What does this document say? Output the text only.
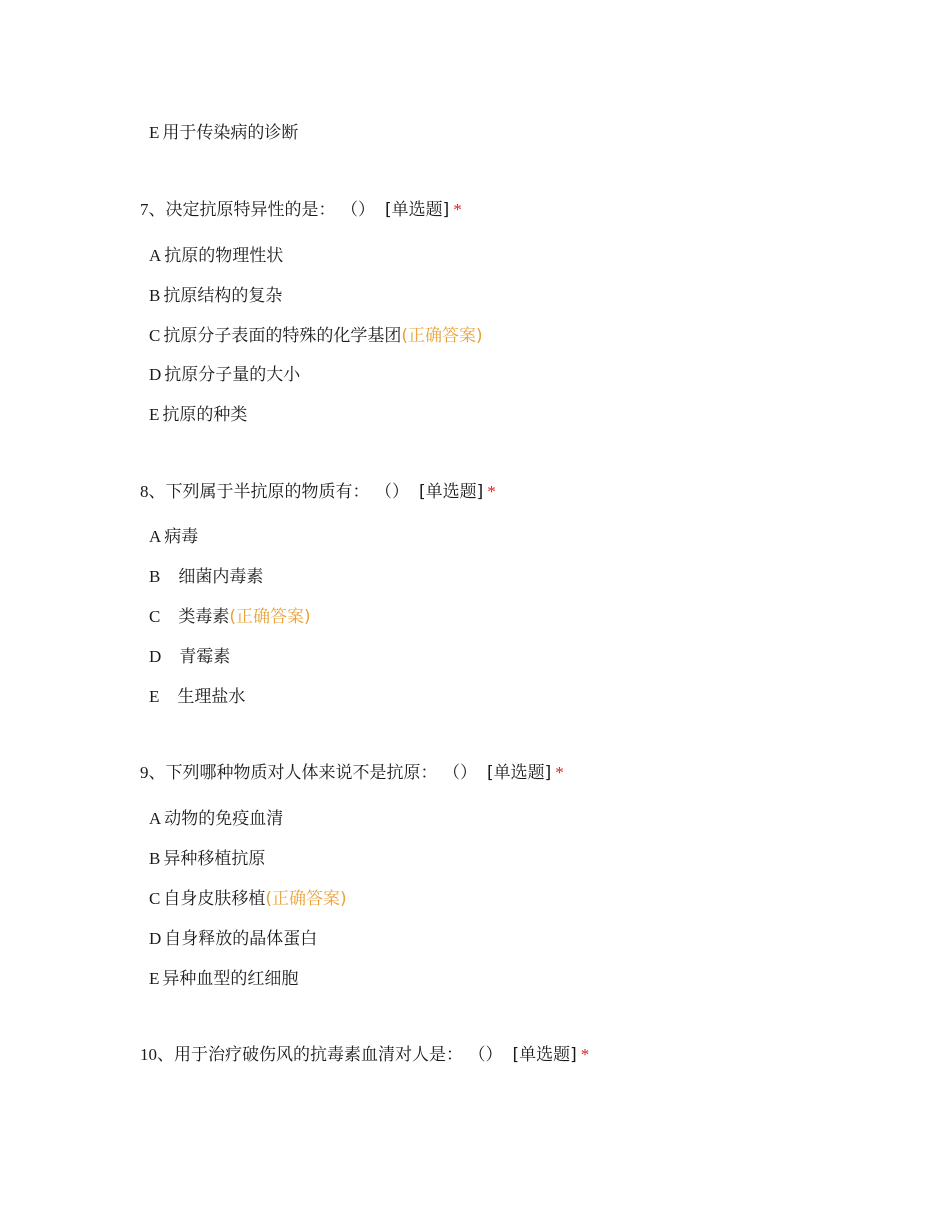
E 用于传染病的诊断
7、决定抗原特异性的是： （） [单选题] *
A 抗原的物理性状
B 抗原结构的复杂
C 抗原分子表面的特殊的化学基团(正确答案)
D 抗原分子量的大小
E 抗原的种类
8、下列属于半抗原的物质有： （） [单选题] *
A 病毒
B 细菌内毒素
C 类毒素(正确答案)
D 青霉素
E 生理盐水
9、下列哪种物质对人体来说不是抗原： （） [单选题] *
A 动物的免疫血清
B 异种移植抗原
C 自身皮肤移植(正确答案)
D 自身释放的晶体蛋白
E 异种血型的红细胞
10、用于治疗破伤风的抗毒素血清对人是： （） [单选题] *
